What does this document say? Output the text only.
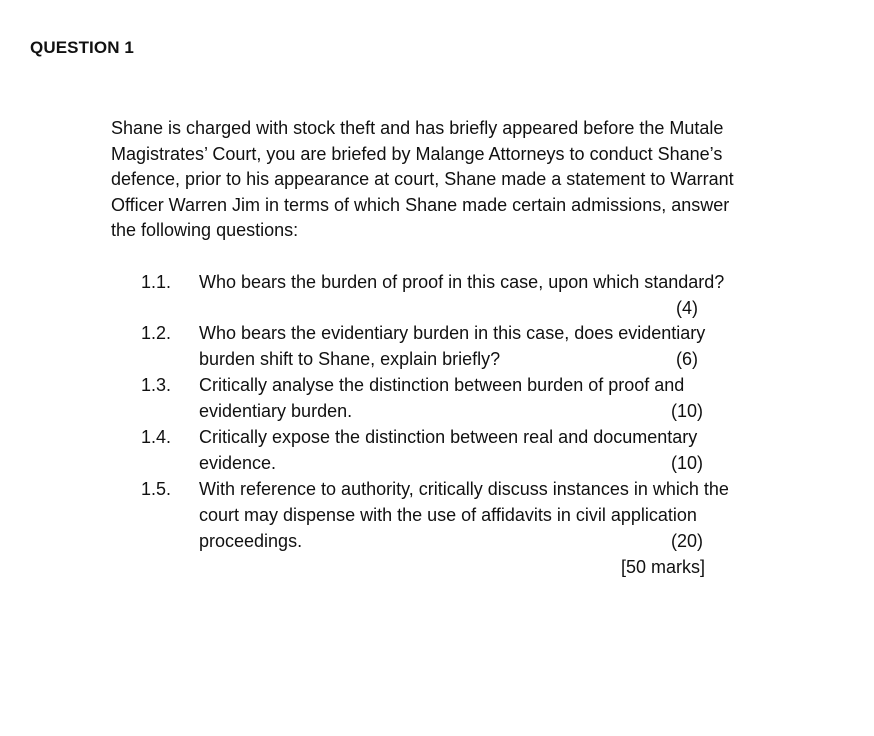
QUESTION 1
Shane is charged with stock theft and has briefly appeared before the Mutale
Magistrates’ Court, you are briefed by Malange Attorneys to conduct Shane’s
defence, prior to his appearance at court, Shane made a statement to Warrant
Officer Warren Jim in terms of which Shane made certain admissions, answer
the following questions:
1.1. Who bears the burden of proof in this case, upon which standard?
(4)
1.2. Who bears the evidentiary burden in this case, does evidentiary
burden shift to Shane, explain briefly?	(6)
1.3. Critically analyse the distinction between burden of proof and
evidentiary burden.	(10)
1.4. Critically expose the distinction between real and documentary
evidence.	(10)
1.5. With reference to authority, critically discuss instances in which the
court may dispense with the use of affidavits in civil application
proceedings.	(20)
[50 marks]
